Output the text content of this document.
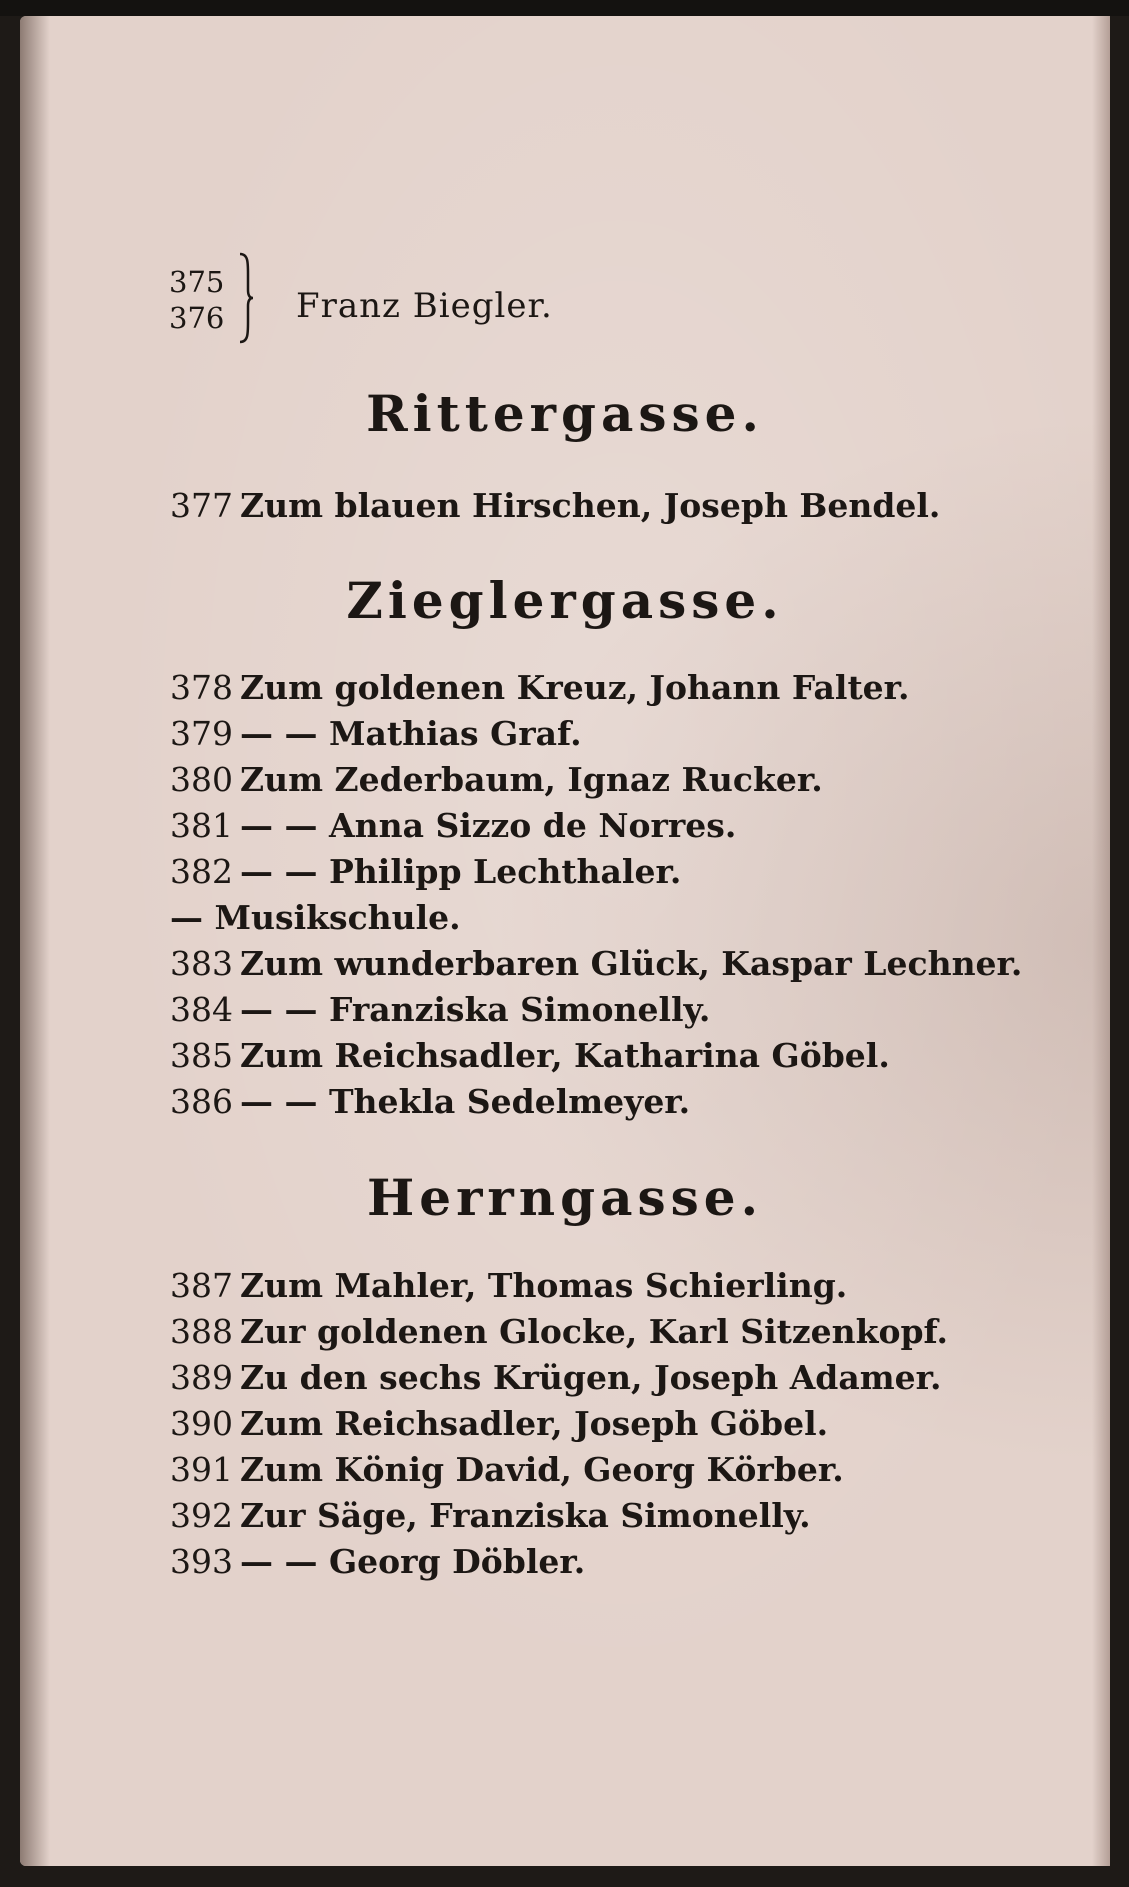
375
376 Franz Biegler.
Rittergasse.
377 Zum blauen Hirschen, Joseph Bendel.
Zieglergasse.
378 Zum goldenen Kreuz, Johann Falter.
379 — — Mathias Graf.
380 Zum Zederbaum, Ignaz Rucker.
381 — — Anna Sizzo de Norres.
382 — — Philipp Lechthaler.
— Musikschule.
383 Zum wunderbaren Glück, Kaspar Lechner.
384 — — Franziska Simonelly.
385 Zum Reichsadler, Katharina Göbel.
386 — — Thekla Sedelmeyer.
Herrngasse.
387 Zum Mahler, Thomas Schierling.
388 Zur goldenen Glocke, Karl Sitzenkopf.
389 Zu den sechs Krügen, Joseph Adamer.
390 Zum Reichsadler, Joseph Göbel.
391 Zum König David, Georg Körber.
392 Zur Säge, Franziska Simonelly.
393 — — Georg Döbler.
